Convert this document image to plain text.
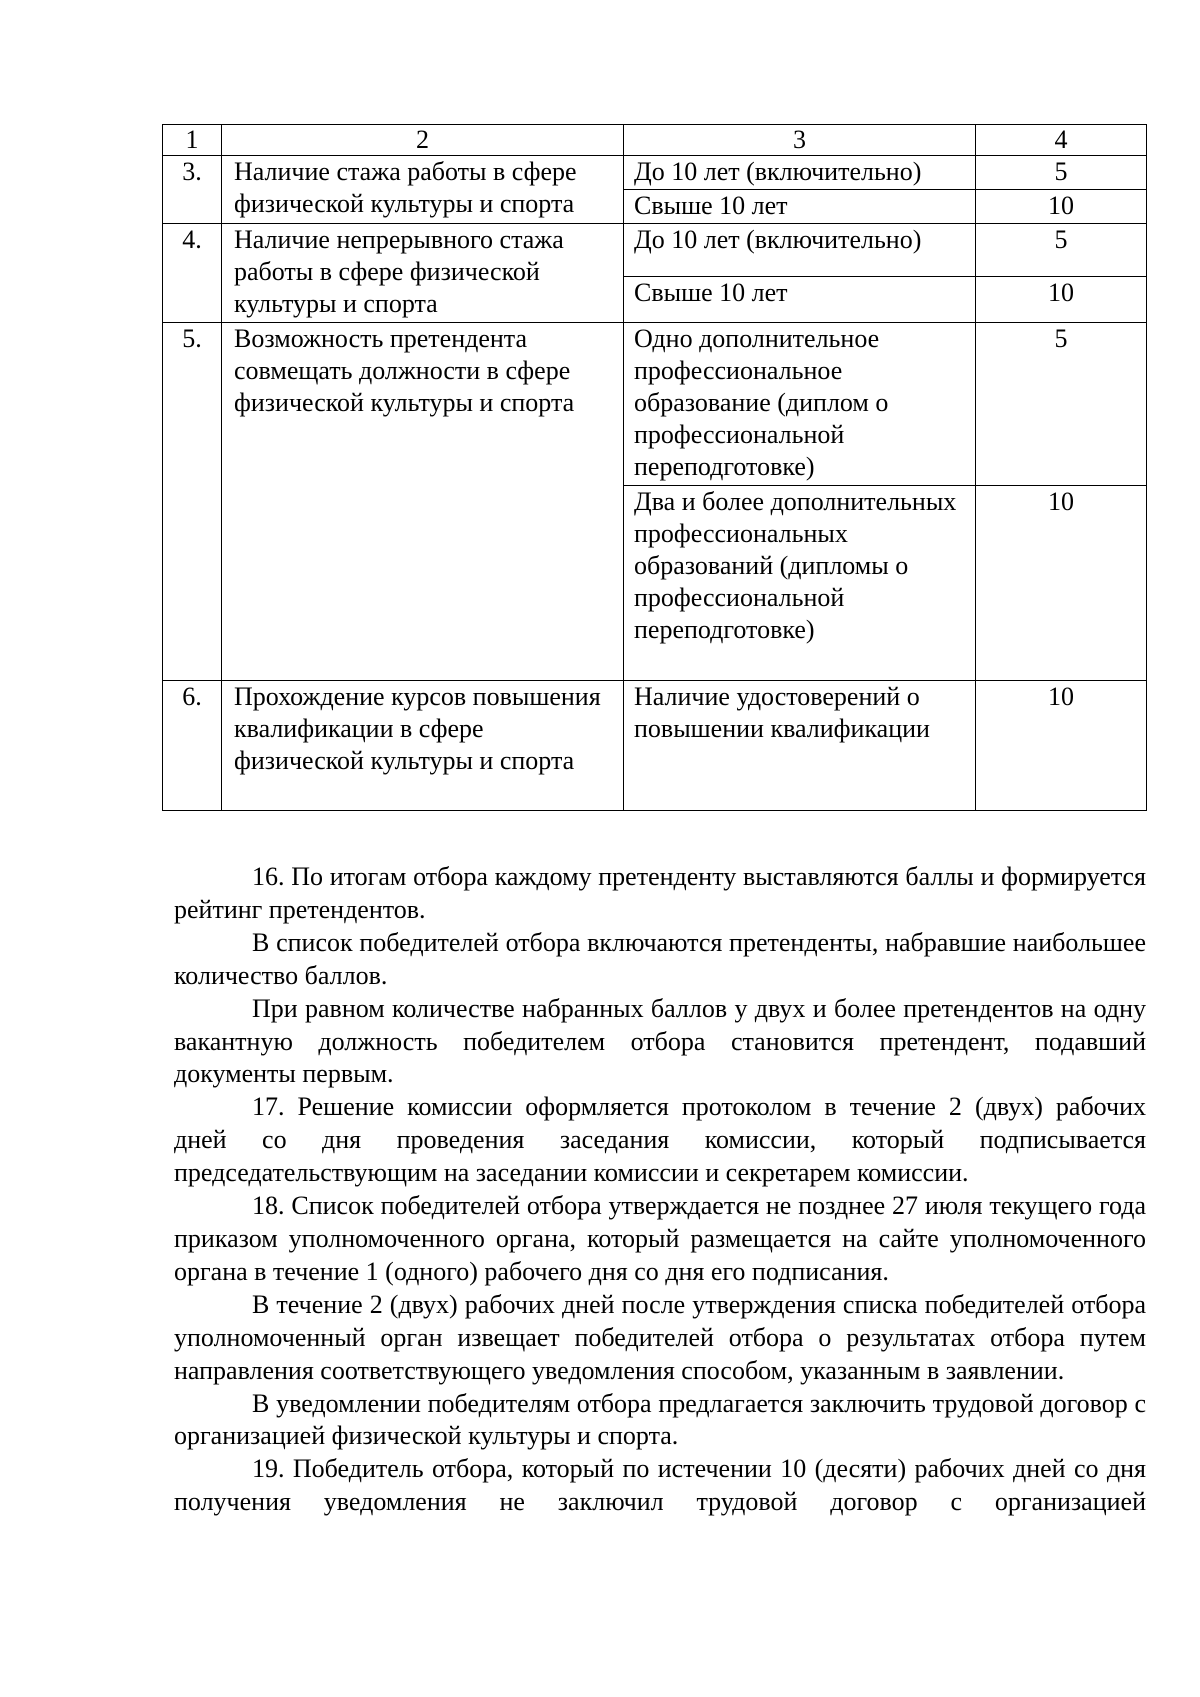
1	2	3	4
3.	Наличие стажа работы в сфере физической культуры и спорта	До 10 лет (включительно)	5
		Свыше 10 лет	10
4.	Наличие непрерывного стажа работы в сфере физической культуры и спорта	До 10 лет (включительно)	5
		Свыше 10 лет	10
5.	Возможность претендента совмещать должности в сфере физической культуры и спорта	Одно дополнительное профессиональное образование (диплом о профессиональной переподготовке)	5
		Два и более дополнительных профессиональных образований (дипломы о профессиональной переподготовке)	10
6.	Прохождение курсов повышения квалификации в сфере физической культуры и спорта	Наличие удостоверений о повышении квалификации	10

16. По итогам отбора каждому претенденту выставляются баллы и формируется рейтинг претендентов.

В список победителей отбора включаются претенденты, набравшие наибольшее количество баллов.

При равном количестве набранных баллов у двух и более претендентов на одну вакантную должность победителем отбора становится претендент, подавший документы первым.

17. Решение комиссии оформляется протоколом в течение 2 (двух) рабочих дней со дня проведения заседания комиссии, который подписывается председательствующим на заседании комиссии и секретарем комиссии.

18. Список победителей отбора утверждается не позднее 27 июля текущего года приказом уполномоченного органа, который размещается на сайте уполномоченного органа в течение 1 (одного) рабочего дня со дня его подписания.

В течение 2 (двух) рабочих дней после утверждения списка победителей отбора уполномоченный орган извещает победителей отбора о результатах отбора путем направления соответствующего уведомления способом, указанным в заявлении.

В уведомлении победителям отбора предлагается заключить трудовой договор с организацией физической культуры и спорта.

19. Победитель отбора, который по истечении 10 (десяти) рабочих дней со дня получения уведомления не заключил трудовой договор с организацией
